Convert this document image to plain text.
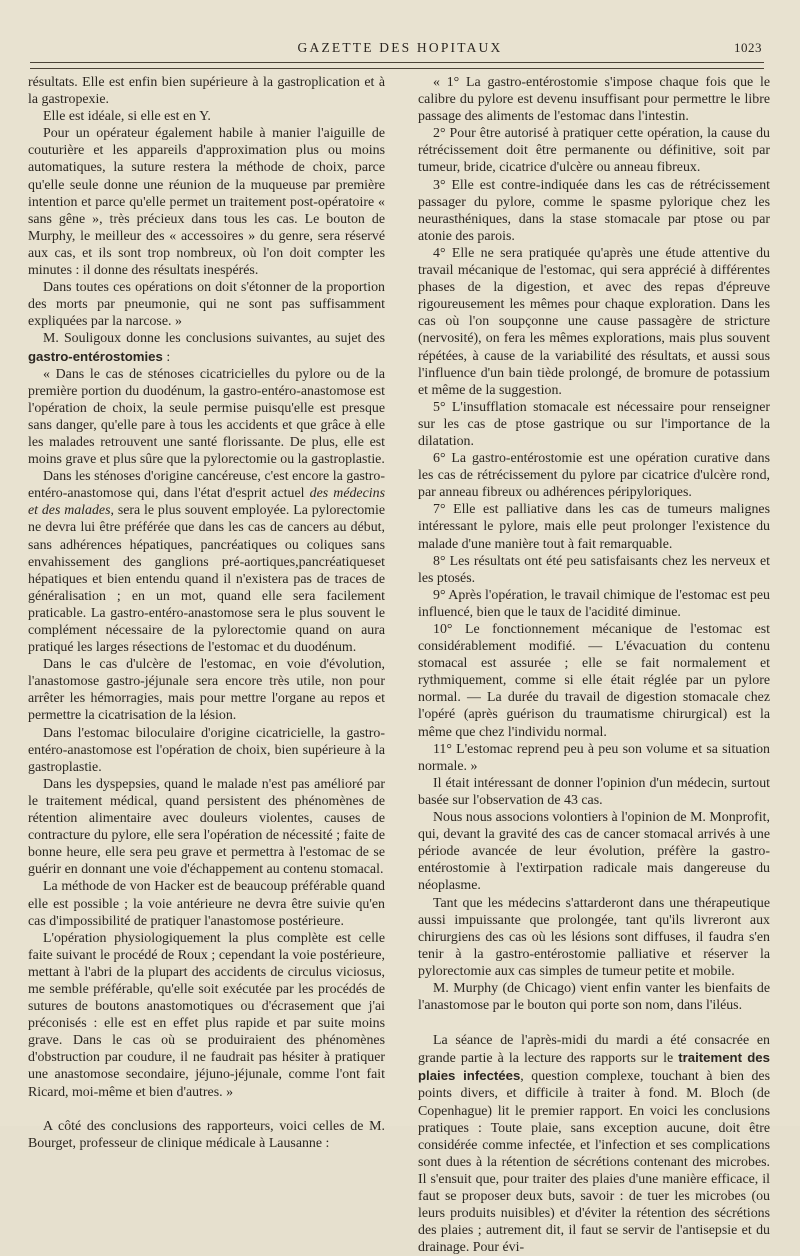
GAZETTE DES HOPITAUX	1023

résultats. Elle est enfin bien supérieure à la gastroplication et à la gastropexie.

Elle est idéale, si elle est en Y.

Pour un opérateur également habile à manier l'aiguille de couturière et les appareils d'approximation plus ou moins automatiques, la suture restera la méthode de choix, parce qu'elle seule donne une réunion de la muqueuse par première intention et parce qu'elle permet un traitement post-opératoire « sans gêne », très précieux dans tous les cas. Le bouton de Murphy, le meilleur des « accessoires » du genre, sera réservé aux cas, et ils sont trop nombreux, où l'on doit compter les minutes : il donne des résultats inespérés.

Dans toutes ces opérations on doit s'étonner de la proportion des morts par pneumonie, qui ne sont pas suffisamment expliquées par la narcose. »

M. Souligoux donne les conclusions suivantes, au sujet des gastro-entérostomies :

« Dans le cas de sténoses cicatricielles du pylore ou de la première portion du duodénum, la gastro-entéro-anastomose est l'opération de choix, la seule permise puisqu'elle est presque sans danger, qu'elle pare à tous les accidents et que grâce à elle les malades retrouvent une santé florissante. De plus, elle est moins grave et plus sûre que la pylorectomie ou la gastroplastie.

Dans les sténoses d'origine cancéreuse, c'est encore la gastro-entéro-anastomose qui, dans l'état d'esprit actuel des médecins et des malades, sera le plus souvent employée. La pylorectomie ne devra lui être préférée que dans les cas de cancers au début, sans adhérences hépatiques, pancréatiques ou coliques sans envahissement des ganglions pré-aortiques,pancréatiqueset hépatiques et bien entendu quand il n'existera pas de traces de généralisation ; en un mot, quand elle sera facilement praticable. La gastro-entéro-anastomose sera le plus souvent le complément nécessaire de la pylorectomie quand on aura pratiqué les larges résections de l'estomac et du duodénum.

Dans le cas d'ulcère de l'estomac, en voie d'évolution, l'anastomose gastro-jéjunale sera encore très utile, non pour arrêter les hémorragies, mais pour mettre l'organe au repos et permettre la cicatrisation de la lésion.

Dans l'estomac biloculaire d'origine cicatricielle, la gastro-entéro-anastomose est l'opération de choix, bien supérieure à la gastroplastie.

Dans les dyspepsies, quand le malade n'est pas amélioré par le traitement médical, quand persistent des phénomènes de rétention alimentaire avec douleurs violentes, causes de contracture du pylore, elle sera l'opération de nécessité ; faite de bonne heure, elle sera peu grave et permettra à l'estomac de se guérir en donnant une voie d'échappement au contenu stomacal.

La méthode de von Hacker est de beaucoup préférable quand elle est possible ; la voie antérieure ne devra être suivie qu'en cas d'impossibilité de pratiquer l'anastomose postérieure.

L'opération physiologiquement la plus complète est celle faite suivant le procédé de Roux ; cependant la voie postérieure, mettant à l'abri de la plupart des accidents de circulus viciosus, me semble préférable, qu'elle soit exécutée par les procédés de sutures de boutons anastomotiques ou d'écrasement que j'ai préconisés : elle est en effet plus rapide et par suite moins grave. Dans le cas où se produiraient des phénomènes d'obstruction par coudure, il ne faudrait pas hésiter à pratiquer une anastomose secondaire, jéjuno-jéjunale, comme l'ont fait Ricard, moi-même et bien d'autres. »

A côté des conclusions des rapporteurs, voici celles de M. Bourget, professeur de clinique médicale à Lausanne :

« 1° La gastro-entérostomie s'impose chaque fois que le calibre du pylore est devenu insuffisant pour permettre le libre passage des aliments de l'estomac dans l'intestin.

2° Pour être autorisé à pratiquer cette opération, la cause du rétrécissement doit être permanente ou définitive, soit par tumeur, bride, cicatrice d'ulcère ou anneau fibreux.

3° Elle est contre-indiquée dans les cas de rétrécissement passager du pylore, comme le spasme pylorique chez les neurasthéniques, dans la stase stomacale par ptose ou par atonie des parois.

4° Elle ne sera pratiquée qu'après une étude attentive du travail mécanique de l'estomac, qui sera apprécié à différentes phases de la digestion, et avec des repas d'épreuve rigoureusement les mêmes pour chaque exploration. Dans les cas où l'on soupçonne une cause passagère de stricture (nervosité), on fera les mêmes explorations, mais plus souvent répétées, à cause de la variabilité des résultats, et aussi sous l'influence d'un bain tiède prolongé, de bromure de potassium et même de la suggestion.

5° L'insufflation stomacale est nécessaire pour renseigner sur les cas de ptose gastrique ou sur l'importance de la dilatation.

6° La gastro-entérostomie est une opération curative dans les cas de rétrécissement du pylore par cicatrice d'ulcère rond, par anneau fibreux ou adhérences péripyloriques.

7° Elle est palliative dans les cas de tumeurs malignes intéressant le pylore, mais elle peut prolonger l'existence du malade d'une manière tout à fait remarquable.

8° Les résultats ont été peu satisfaisants chez les nerveux et les ptosés.

9° Après l'opération, le travail chimique de l'estomac est peu influencé, bien que le taux de l'acidité diminue.

10° Le fonctionnement mécanique de l'estomac est considérablement modifié. — L'évacuation du contenu stomacal est assurée ; elle se fait normalement et rythmiquement, comme si elle était réglée par un pylore normal. — La durée du travail de digestion stomacale chez l'opéré (après guérison du traumatisme chirurgical) est la même que chez l'individu normal.

11° L'estomac reprend peu à peu son volume et sa situation normale. »

Il était intéressant de donner l'opinion d'un médecin, surtout basée sur l'observation de 43 cas.

Nous nous associons volontiers à l'opinion de M. Monprofit, qui, devant la gravité des cas de cancer stomacal arrivés à une période avancée de leur évolution, préfère la gastro-entérostomie à l'extirpation radicale mais dangereuse du néoplasme.

Tant que les médecins s'attarderont dans une thérapeutique aussi impuissante que prolongée, tant qu'ils livreront aux chirurgiens des cas où les lésions sont diffuses, il faudra s'en tenir à la gastro-entérostomie palliative et réserver la pylorectomie aux cas simples de tumeur petite et mobile.

M. Murphy (de Chicago) vient enfin vanter les bienfaits de l'anastomose par le bouton qui porte son nom, dans l'iléus.

La séance de l'après-midi du mardi a été consacrée en grande partie à la lecture des rapports sur le traitement des plaies infectées, question complexe, touchant à bien des points divers, et difficile à traiter à fond. M. Bloch (de Copenhague) lit le premier rapport. En voici les conclusions pratiques : Toute plaie, sans exception aucune, doit être considérée comme infectée, et l'infection et ses complications sont dues à la rétention de sécrétions contenant des microbes. Il s'ensuit que, pour traiter des plaies d'une manière efficace, il faut se proposer deux buts, savoir : de tuer les microbes (ou leurs produits nuisibles) et d'éviter la rétention des sécrétions des plaies ; autrement dit, il faut se servir de l'antisepsie et du drainage. Pour évi-
